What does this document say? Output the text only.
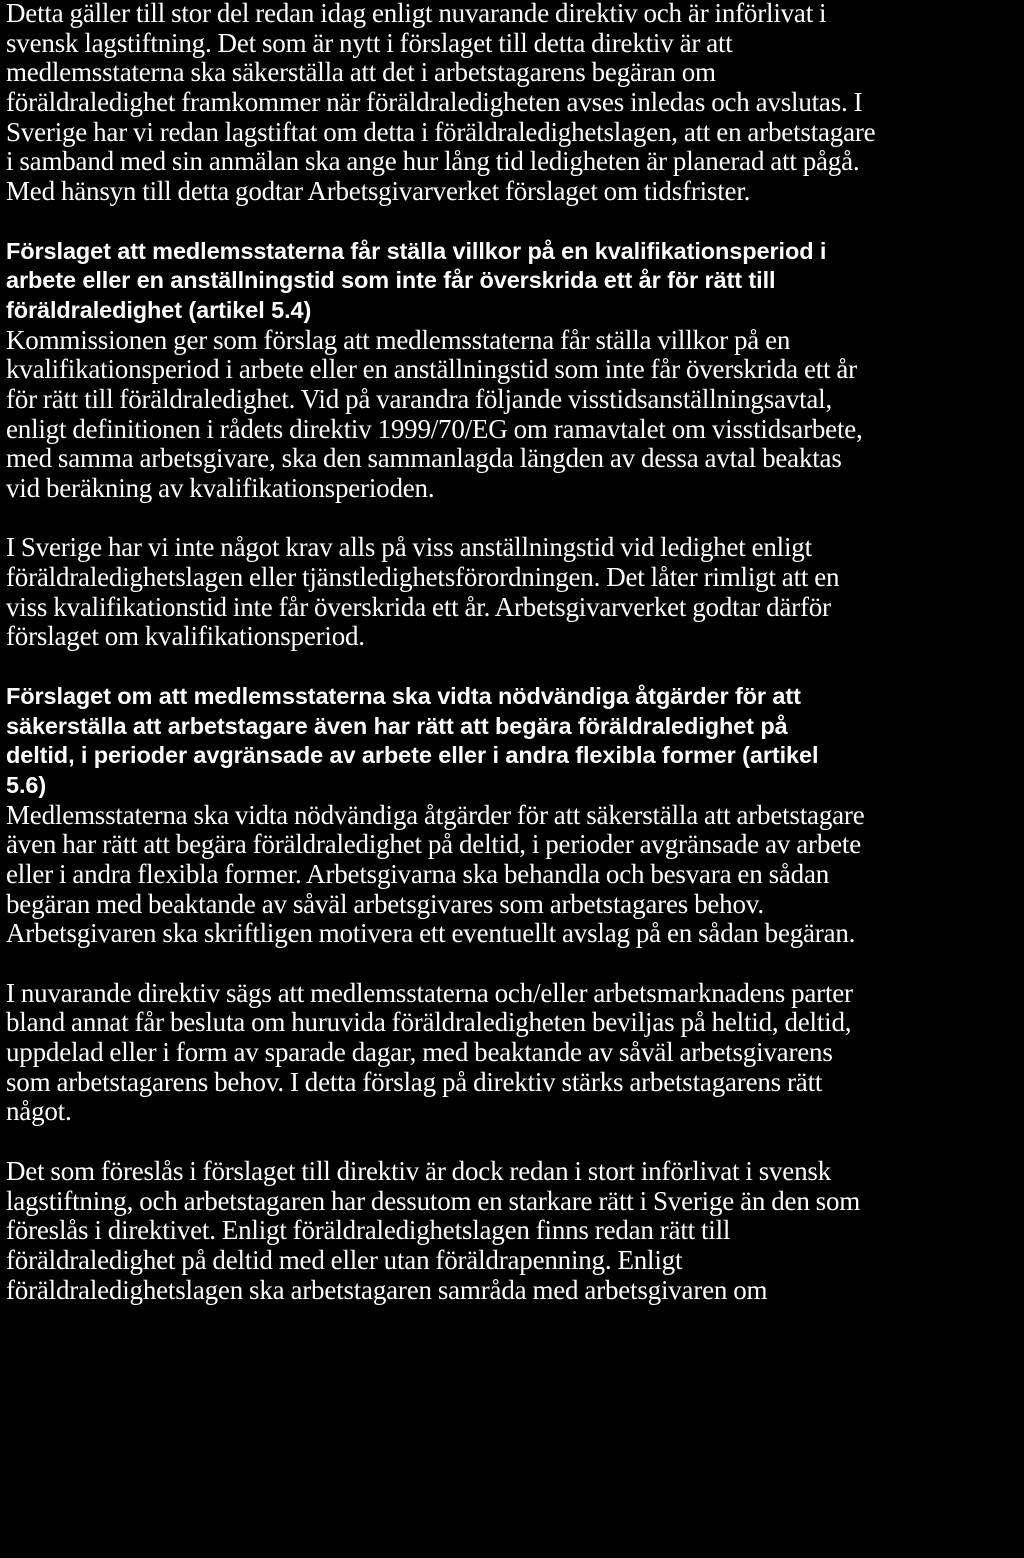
Detta gäller till stor del redan idag enligt nuvarande direktiv och är införlivat i
svensk lagstiftning. Det som är nytt i förslaget till detta direktiv är att
medlemsstaterna ska säkerställa att det i arbetstagarens begäran om
föräldraledighet framkommer när föräldraledigheten avses inledas och avslutas. I
Sverige har vi redan lagstiftat om detta i föräldraledighetslagen, att en arbetstagare
i samband med sin anmälan ska ange hur lång tid ledigheten är planerad att pågå.
Med hänsyn till detta godtar Arbetsgivarverket förslaget om tidsfrister.
Förslaget att medlemsstaterna får ställa villkor på en kvalifikationsperiod i
arbete eller en anställningstid som inte får överskrida ett år för rätt till
föräldraledighet (artikel 5.4)
Kommissionen ger som förslag att medlemsstaterna får ställa villkor på en
kvalifikationsperiod i arbete eller en anställningstid som inte får överskrida ett år
för rätt till föräldraledighet. Vid på varandra följande visstidsanställningsavtal,
enligt definitionen i rådets direktiv 1999/70/EG om ramavtalet om visstidsarbete,
med samma arbetsgivare, ska den sammanlagda längden av dessa avtal beaktas
vid beräkning av kvalifikationsperioden.
I Sverige har vi inte något krav alls på viss anställningstid vid ledighet enligt
föräldraledighetslagen eller tjänstledighetsförordningen. Det låter rimligt att en
viss kvalifikationstid inte får överskrida ett år. Arbetsgivarverket godtar därför
förslaget om kvalifikationsperiod.
Förslaget om att medlemsstaterna ska vidta nödvändiga åtgärder för att
säkerställa att arbetstagare även har rätt att begära föräldraledighet på
deltid, i perioder avgränsade av arbete eller i andra flexibla former (artikel
5.6)
Medlemsstaterna ska vidta nödvändiga åtgärder för att säkerställa att arbetstagare
även har rätt att begära föräldraledighet på deltid, i perioder avgränsade av arbete
eller i andra flexibla former. Arbetsgivarna ska behandla och besvara en sådan
begäran med beaktande av såväl arbetsgivares som arbetstagares behov.
Arbetsgivaren ska skriftligen motivera ett eventuellt avslag på en sådan begäran.
I nuvarande direktiv sägs att medlemsstaterna och/eller arbetsmarknadens parter
bland annat får besluta om huruvida föräldraledigheten beviljas på heltid, deltid,
uppdelad eller i form av sparade dagar, med beaktande av såväl arbetsgivarens
som arbetstagarens behov. I detta förslag på direktiv stärks arbetstagarens rätt
något.
Det som föreslås i förslaget till direktiv är dock redan i stort införlivat i svensk
lagstiftning, och arbetstagaren har dessutom en starkare rätt i Sverige än den som
föreslås i direktivet. Enligt föräldraledighetslagen finns redan rätt till
föräldraledighet på deltid med eller utan föräldrapenning. Enligt
föräldraledighetslagen ska arbetstagaren samråda med arbetsgivaren om
